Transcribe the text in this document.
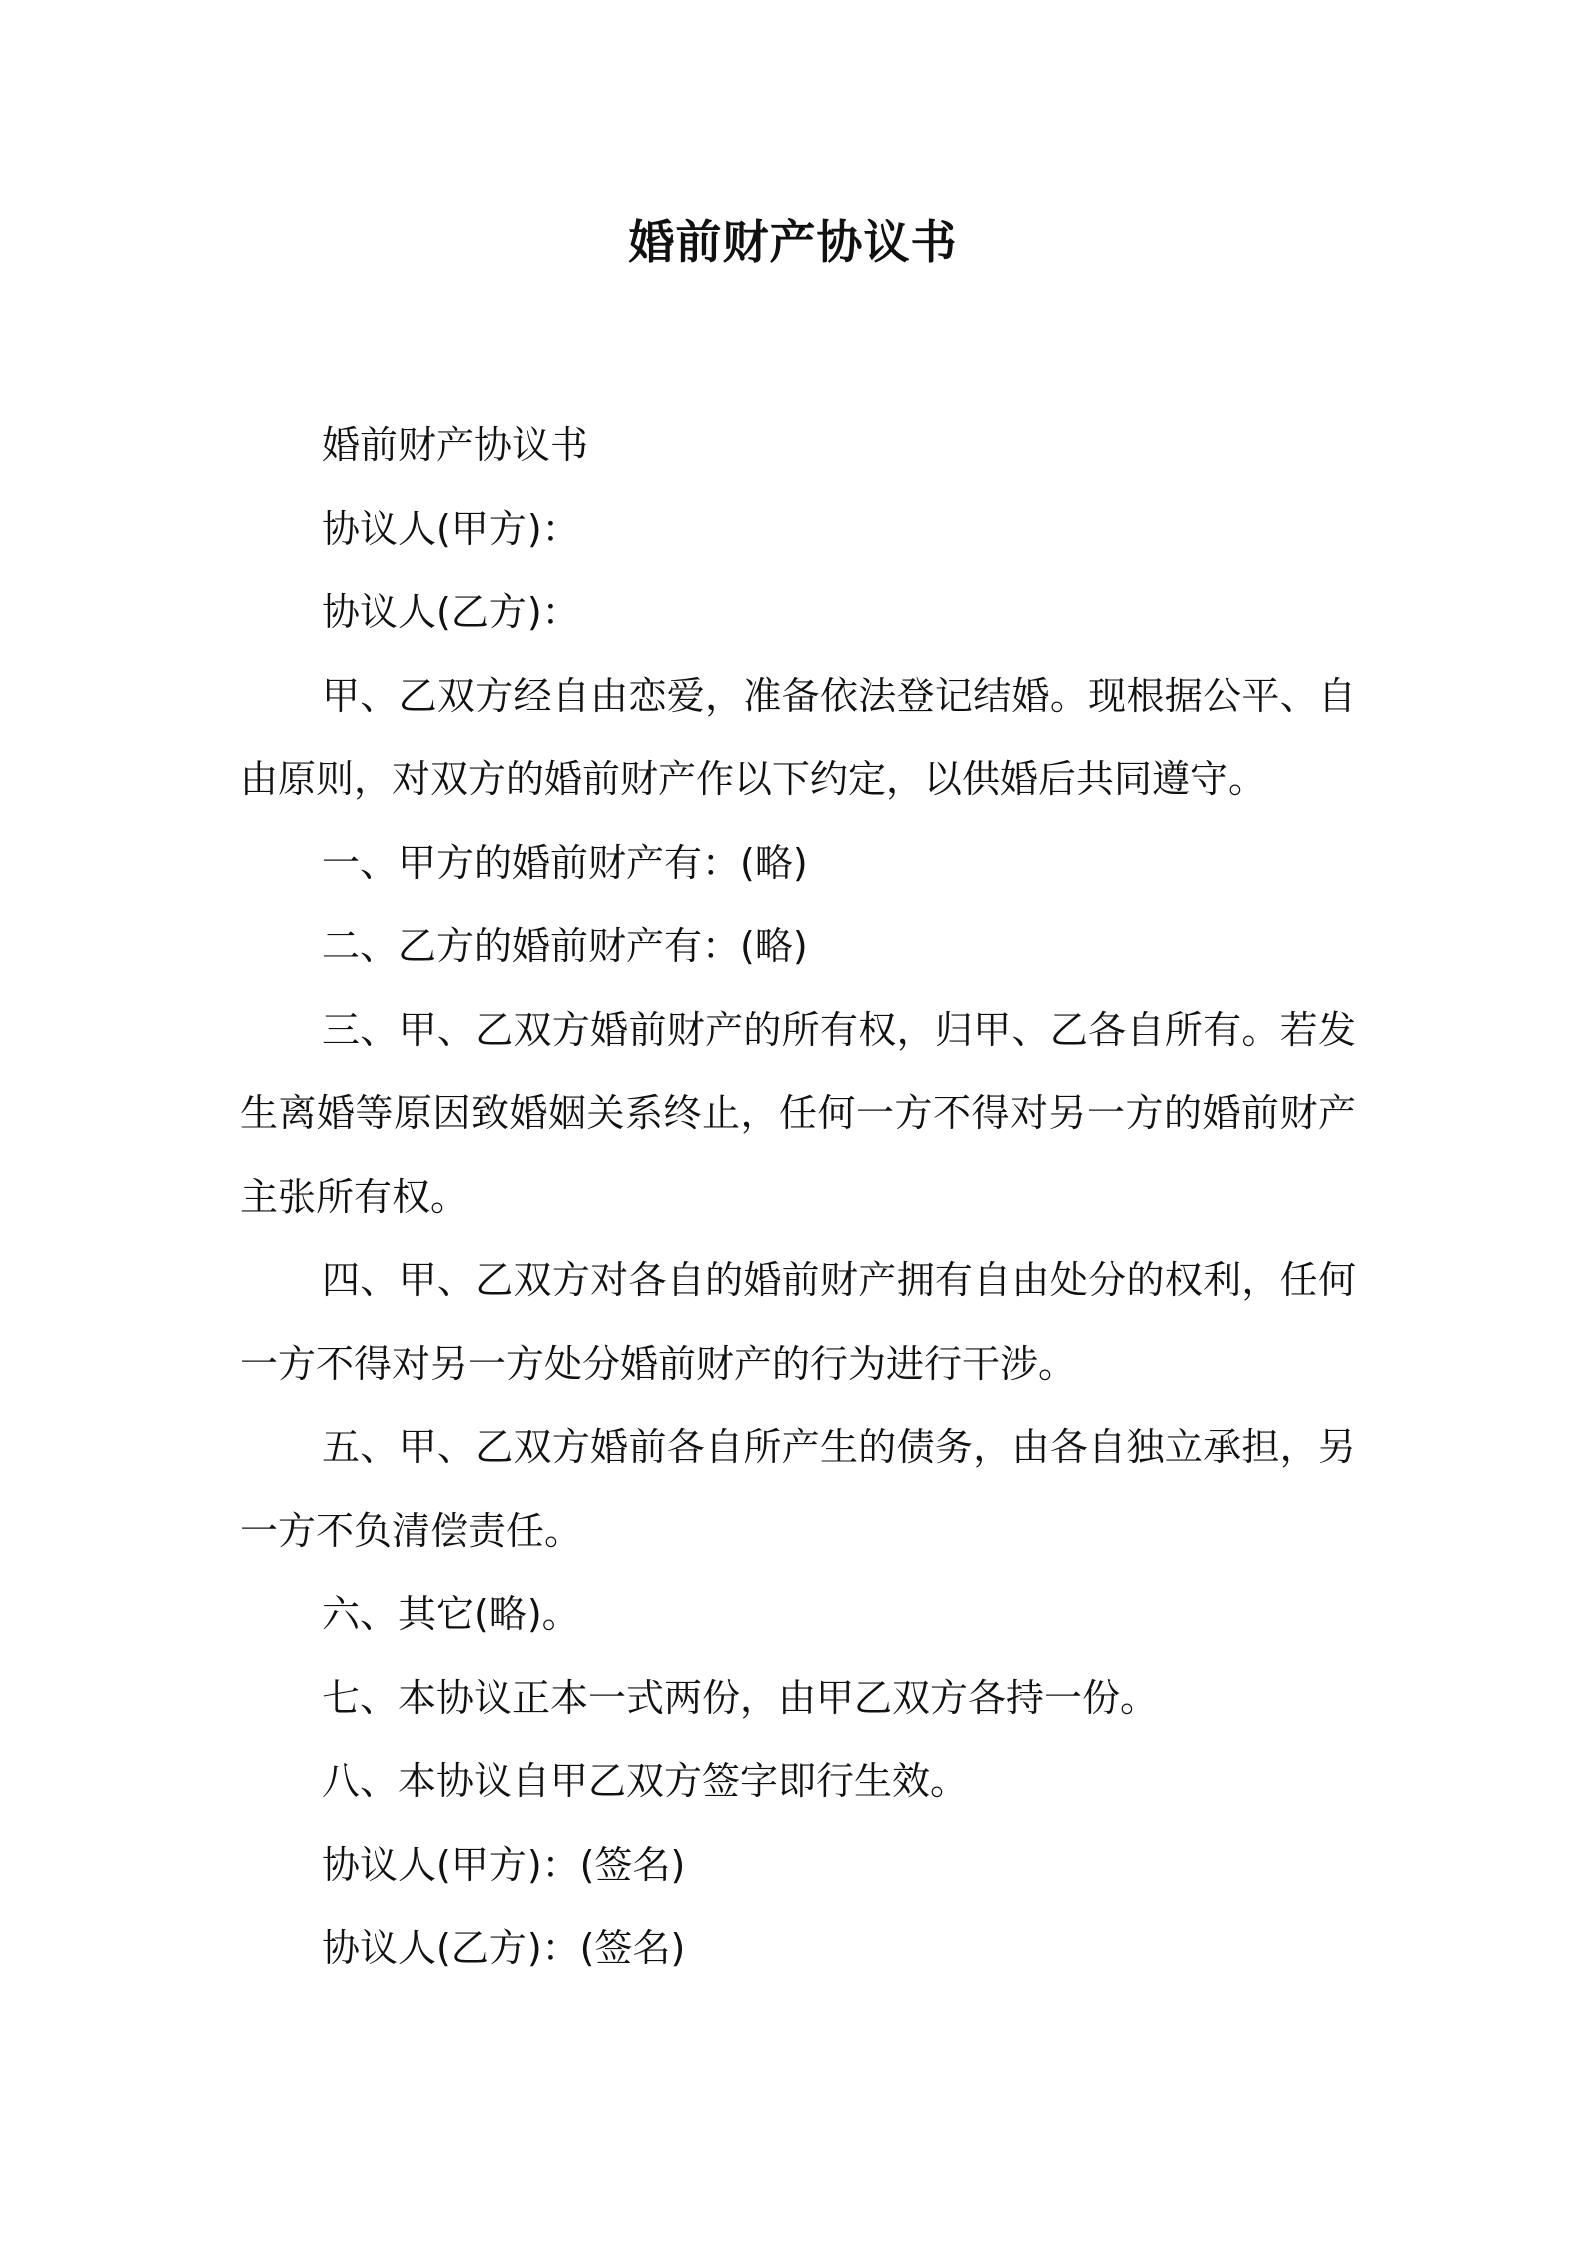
婚前财产协议书

婚前财产协议书

协议人(甲方)：

协议人(乙方)：

甲、乙双方经自由恋爱，准备依法登记结婚。现根据公平、自由原则，对双方的婚前财产作以下约定，以供婚后共同遵守。

一、甲方的婚前财产有：(略)

二、乙方的婚前财产有：(略)

三、甲、乙双方婚前财产的所有权，归甲、乙各自所有。若发生离婚等原因致婚姻关系终止，任何一方不得对另一方的婚前财产主张所有权。

四、甲、乙双方对各自的婚前财产拥有自由处分的权利，任何一方不得对另一方处分婚前财产的行为进行干涉。

五、甲、乙双方婚前各自所产生的债务，由各自独立承担，另一方不负清偿责任。

六、其它(略)。

七、本协议正本一式两份，由甲乙双方各持一份。

八、本协议自甲乙双方签字即行生效。

协议人(甲方)：(签名)

协议人(乙方)：(签名)
